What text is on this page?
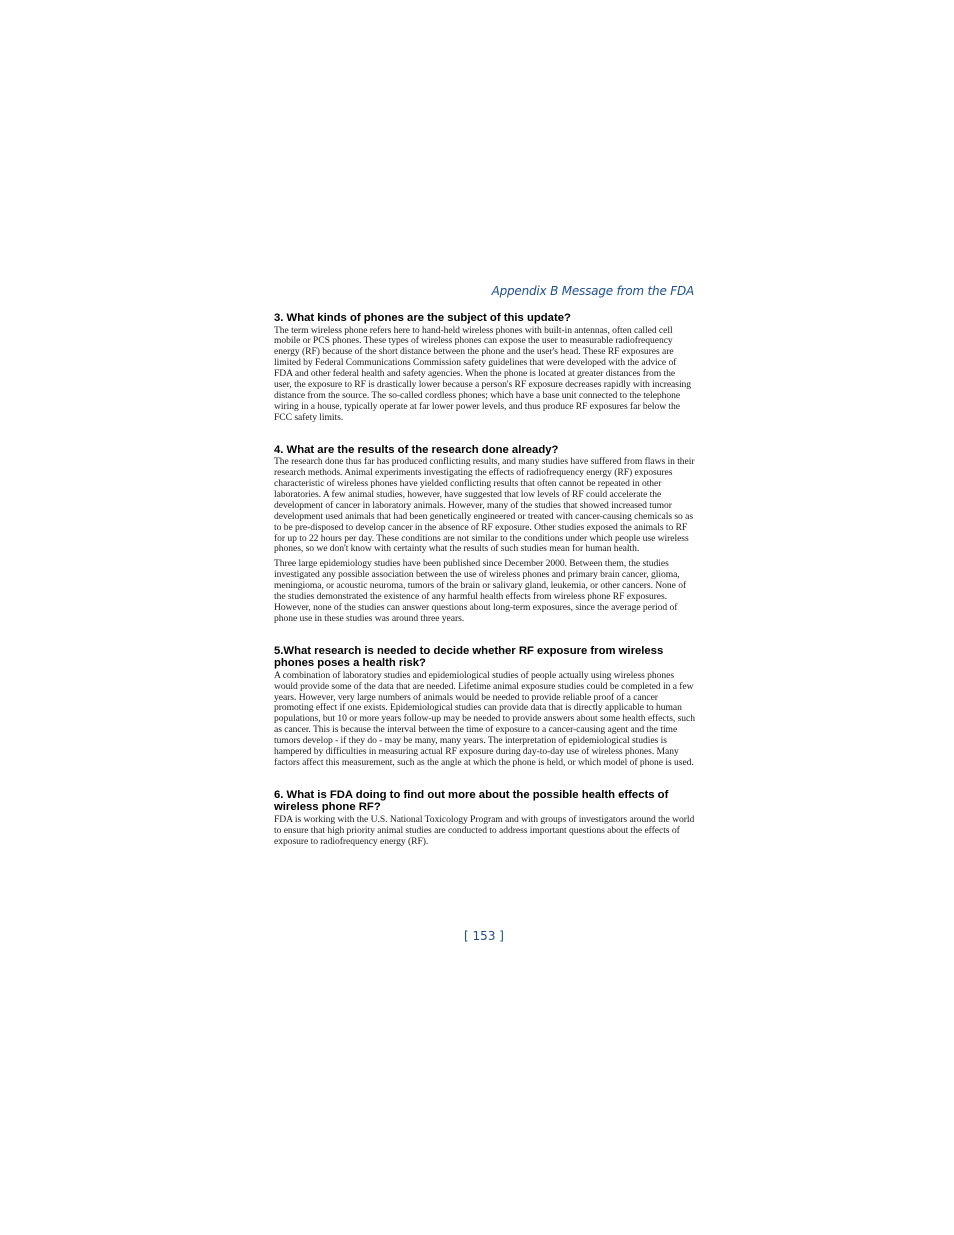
Appendix B Message from the FDA
3. What kinds of phones are the subject of this update?

The term wireless phone refers here to hand-held wireless phones with built-in antennas, often called cell mobile or PCS phones. These types of wireless phones can expose the user to measurable radiofrequency energy (RF) because of the short distance between the phone and the user's head. These RF exposures are limited by Federal Communications Commission safety guidelines that were developed with the advice of FDA and other federal health and safety agencies. When the phone is located at greater distances from the user, the exposure to RF is drastically lower because a person's RF exposure decreases rapidly with increasing distance from the source. The so-called cordless phones; which have a base unit connected to the telephone wiring in a house, typically operate at far lower power levels, and thus produce RF exposures far below the FCC safety limits.

4. What are the results of the research done already?

The research done thus far has produced conflicting results, and many studies have suffered from flaws in their research methods. Animal experiments investigating the effects of radiofrequency energy (RF) exposures characteristic of wireless phones have yielded conflicting results that often cannot be repeated in other laboratories. A few animal studies, however, have suggested that low levels of RF could accelerate the development of cancer in laboratory animals. However, many of the studies that showed increased tumor development used animals that had been genetically engineered or treated with cancer-causing chemicals so as to be pre-disposed to develop cancer in the absence of RF exposure. Other studies exposed the animals to RF for up to 22 hours per day. These conditions are not similar to the conditions under which people use wireless phones, so we don't know with certainty what the results of such studies mean for human health.

Three large epidemiology studies have been published since December 2000. Between them, the studies investigated any possible association between the use of wireless phones and primary brain cancer, glioma, meningioma, or acoustic neuroma, tumors of the brain or salivary gland, leukemia, or other cancers. None of the studies demonstrated the existence of any harmful health effects from wireless phone RF exposures. However, none of the studies can answer questions about long-term exposures, since the average period of phone use in these studies was around three years.

5.What research is needed to decide whether RF exposure from wireless phones poses a health risk?

A combination of laboratory studies and epidemiological studies of people actually using wireless phones would provide some of the data that are needed. Lifetime animal exposure studies could be completed in a few years. However, very large numbers of animals would be needed to provide reliable proof of a cancer promoting effect if one exists. Epidemiological studies can provide data that is directly applicable to human populations, but 10 or more years follow-up may be needed to provide answers about some health effects, such as cancer. This is because the interval between the time of exposure to a cancer-causing agent and the time tumors develop - if they do - may be many, many years. The interpretation of epidemiological studies is hampered by difficulties in measuring actual RF exposure during day-to-day use of wireless phones. Many factors affect this measurement, such as the angle at which the phone is held, or which model of phone is used.

6. What is FDA doing to find out more about the possible health effects of wireless phone RF?

FDA is working with the U.S. National Toxicology Program and with groups of investigators around the world to ensure that high priority animal studies are conducted to address important questions about the effects of exposure to radiofrequency energy (RF).

[ 153 ]
